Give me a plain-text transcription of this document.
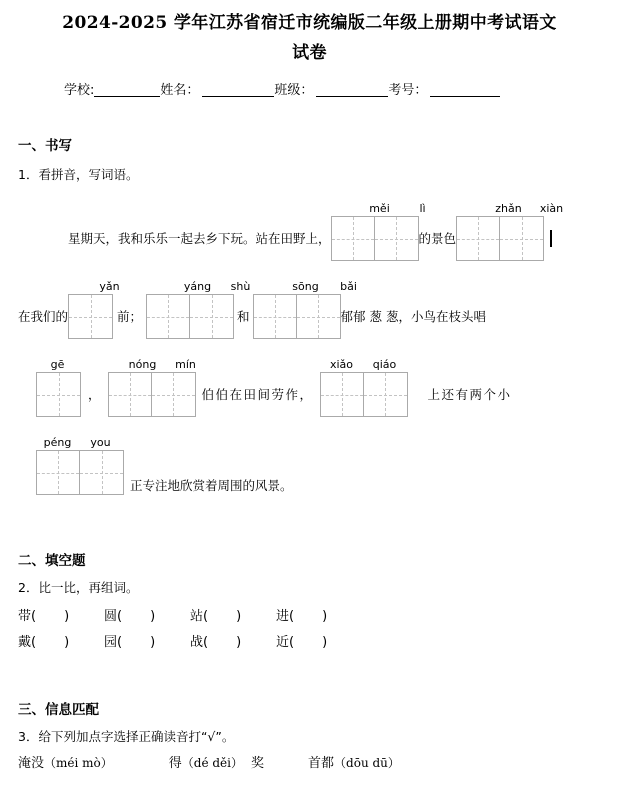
2024-2025 学年江苏省宿迁市统编版二年级上册期中考试语文
试卷
学校:	姓名：	班级：	考号：
一、书写
1．看拼音，写词语。
měi	lì	zhǎn xiàn
星期天，我和乐乐一起去乡下玩。站在田野上，	的景色
yǎn	yáng shù	sōng bǎi
在我们的	前；	和	郁郁 葱 葱，小鸟在枝头唱
gē	nóng mín	xiǎo qiáo
，	伯伯在田间劳作，	上还有两个小
péng you
正专注地欣赏着周围的风景。
二、填空题
2．比一比，再组词。
带( )	圆( )	站( )	进( )
戴( )	园( )	战( )	近( )
三、信息匹配
3．给下列加点字选择正确读音打“√”。
淹没（méi mò）	得（dé děi） 奖	首都（dōu dū）
